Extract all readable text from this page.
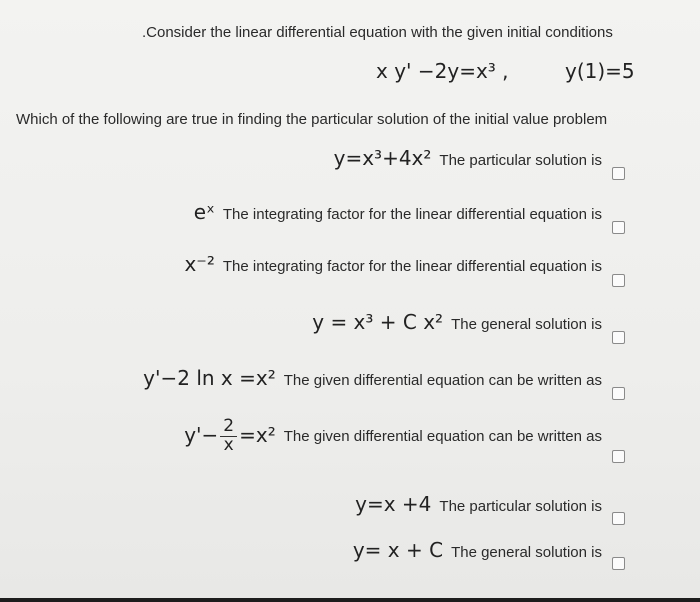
.Consider the linear differential equation with the given initial conditions
x y' −2y=x³ ,	y(1)=5
Which of the following are true in finding the particular solution of the initial value problem
y=x³+4x² The particular solution is
eˣ The integrating factor for the linear differential equation is
x⁻² The integrating factor for the linear differential equation is
y = x³ + C x² The general solution is
y'−2 ln x =x² The given differential equation can be written as
$y'- \frac{2}{x} =x^2$ The given differential equation can be written as
y=x +4 The particular solution is
y= x + C The general solution is
